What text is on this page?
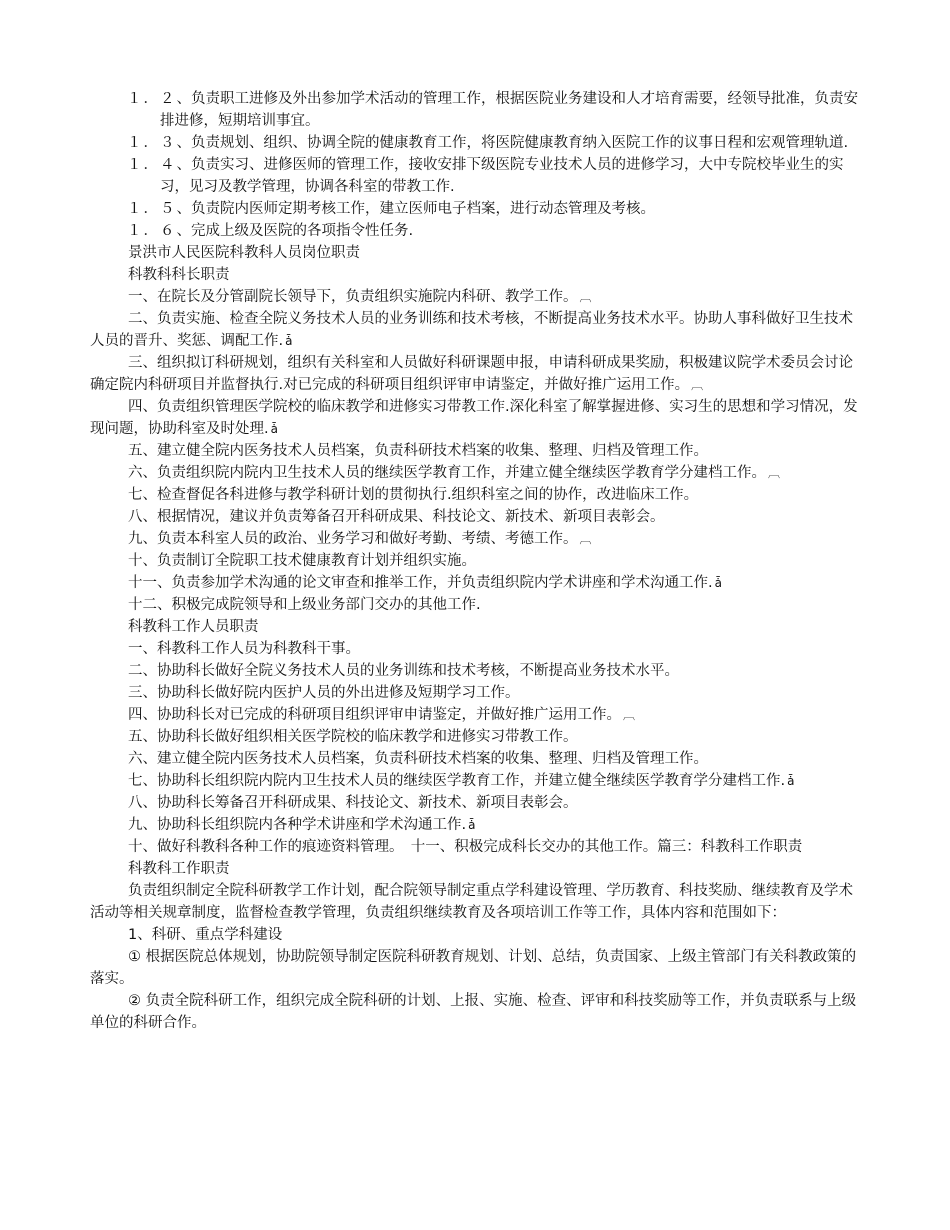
１．２、负责职工进修及外出参加学术活动的管理工作，根据医院业务建设和人才培育需要，经领导批准，负责安排进修，短期培训事宜。

１．３、负责规划、组织、协调全院的健康教育工作，将医院健康教育纳入医院工作的议事日程和宏观管理轨道.

１．４、负责实习、进修医师的管理工作，接收安排下级医院专业技术人员的进修学习，大中专院校毕业生的实习，见习及教学管理，协调各科室的带教工作.

１．５、负责院内医师定期考核工作，建立医师电子档案，进行动态管理及考核。

１．６、完成上级及医院的各项指令性任务.

景洪市人民医院科教科人员岗位职责

科教科科长职责

一、在院长及分管副院长领导下，负责组织实施院内科研、教学工作。 ︹

二、负责实施、检查全院义务技术人员的业务训练和技术考核，不断提高业务技术水平。协助人事科做好卫生技术人员的晋升、奖惩、调配工作. ǡ

三、组织拟订科研规划，组织有关科室和人员做好科研课题申报，申请科研成果奖励，积极建议院学术委员会讨论确定院内科研项目并监督执行.对已完成的科研项目组织评审申请鉴定，并做好推广运用工作。 ︹

四、负责组织管理医学院校的临床教学和进修实习带教工作.深化科室了解掌握进修、实习生的思想和学习情况，发现问题，协助科室及时处理. ǡ

五、建立健全院内医务技术人员档案，负责科研技术档案的收集、整理、归档及管理工作。

六、负责组织院内院内卫生技术人员的继续医学教育工作，并建立健全继续医学教育学分建档工作。 ︹

七、检查督促各科进修与教学科研计划的贯彻执行.组织科室之间的协作，改进临床工作。

八、根据情况，建议并负责筹备召开科研成果、科技论文、新技术、新项目表彰会。

九、负责本科室人员的政治、业务学习和做好考勤、考绩、考德工作。 ︹

十、负责制订全院职工技术健康教育计划并组织实施。

十一、负责参加学术沟通的论文审查和推举工作，并负责组织院内学术讲座和学术沟通工作. ǡ

十二、积极完成院领导和上级业务部门交办的其他工作.

科教科工作人员职责

一、科教科工作人员为科教科干事。

二、协助科长做好全院义务技术人员的业务训练和技术考核，不断提高业务技术水平。

三、协助科长做好院内医护人员的外出进修及短期学习工作。

四、协助科长对已完成的科研项目组织评审申请鉴定，并做好推广运用工作。 ︹

五、协助科长做好组织相关医学院校的临床教学和进修实习带教工作。

六、建立健全院内医务技术人员档案，负责科研技术档案的收集、整理、归档及管理工作。

七、协助科长组织院内院内卫生技术人员的继续医学教育工作，并建立健全继续医学教育学分建档工作. ǡ

八、协助科长筹备召开科研成果、科技论文、新技术、新项目表彰会。

九、协助科长组织院内各种学术讲座和学术沟通工作. ǡ

十、做好科教科各种工作的痕迹资料管理。　十一、积极完成科长交办的其他工作。篇三：科教科工作职责

科教科工作职责

负责组织制定全院科研教学工作计划，配合院领导制定重点学科建设管理、学历教育、科技奖励、继续教育及学术活动等相关规章制度，监督检查教学管理，负责组织继续教育及各项培训工作等工作，具体内容和范围如下：

1、科研、重点学科建设

① 根据医院总体规划，协助院领导制定医院科研教育规划、计划、总结，负责国家、上级主管部门有关科教政策的落实。

② 负责全院科研工作，组织完成全院科研的计划、上报、实施、检查、评审和科技奖励等工作，并负责联系与上级单位的科研合作。
